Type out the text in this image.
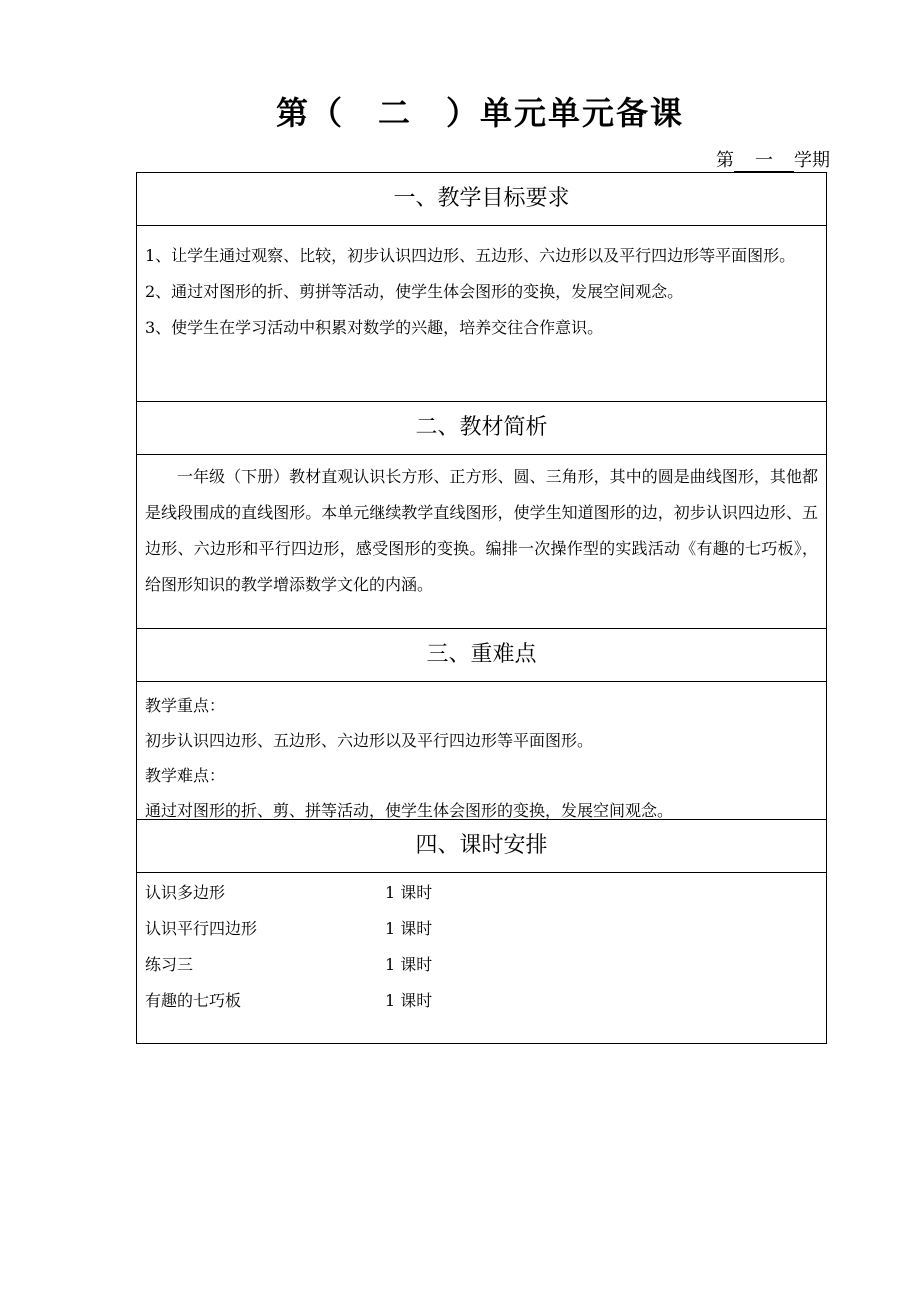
第（　二　）单元单元备课
第 一 学期
一、教学目标要求

1、让学生通过观察、比较，初步认识四边形、五边形、六边形以及平行四边形等平面图形。

2、通过对图形的折、剪拼等活动，使学生体会图形的变换，发展空间观念。

3、使学生在学习活动中积累对数学的兴趣，培养交往合作意识。

二、教材简析

一年级（下册）教材直观认识长方形、正方形、圆、三角形，其中的圆是曲线图形，其他都是线段围成的直线图形。本单元继续教学直线图形，使学生知道图形的边，初步认识四边形、五边形、六边形和平行四边形，感受图形的变换。编排一次操作型的实践活动《有趣的七巧板》，给图形知识的教学增添数学文化的内涵。

三、重难点

教学重点：

初步认识四边形、五边形、六边形以及平行四边形等平面图形。

教学难点：

通过对图形的折、剪、拼等活动，使学生体会图形的变换，发展空间观念。

四、课时安排
认识多边形	1 课时
认识平行四边形	1 课时
练习三	1 课时
有趣的七巧板	1 课时
